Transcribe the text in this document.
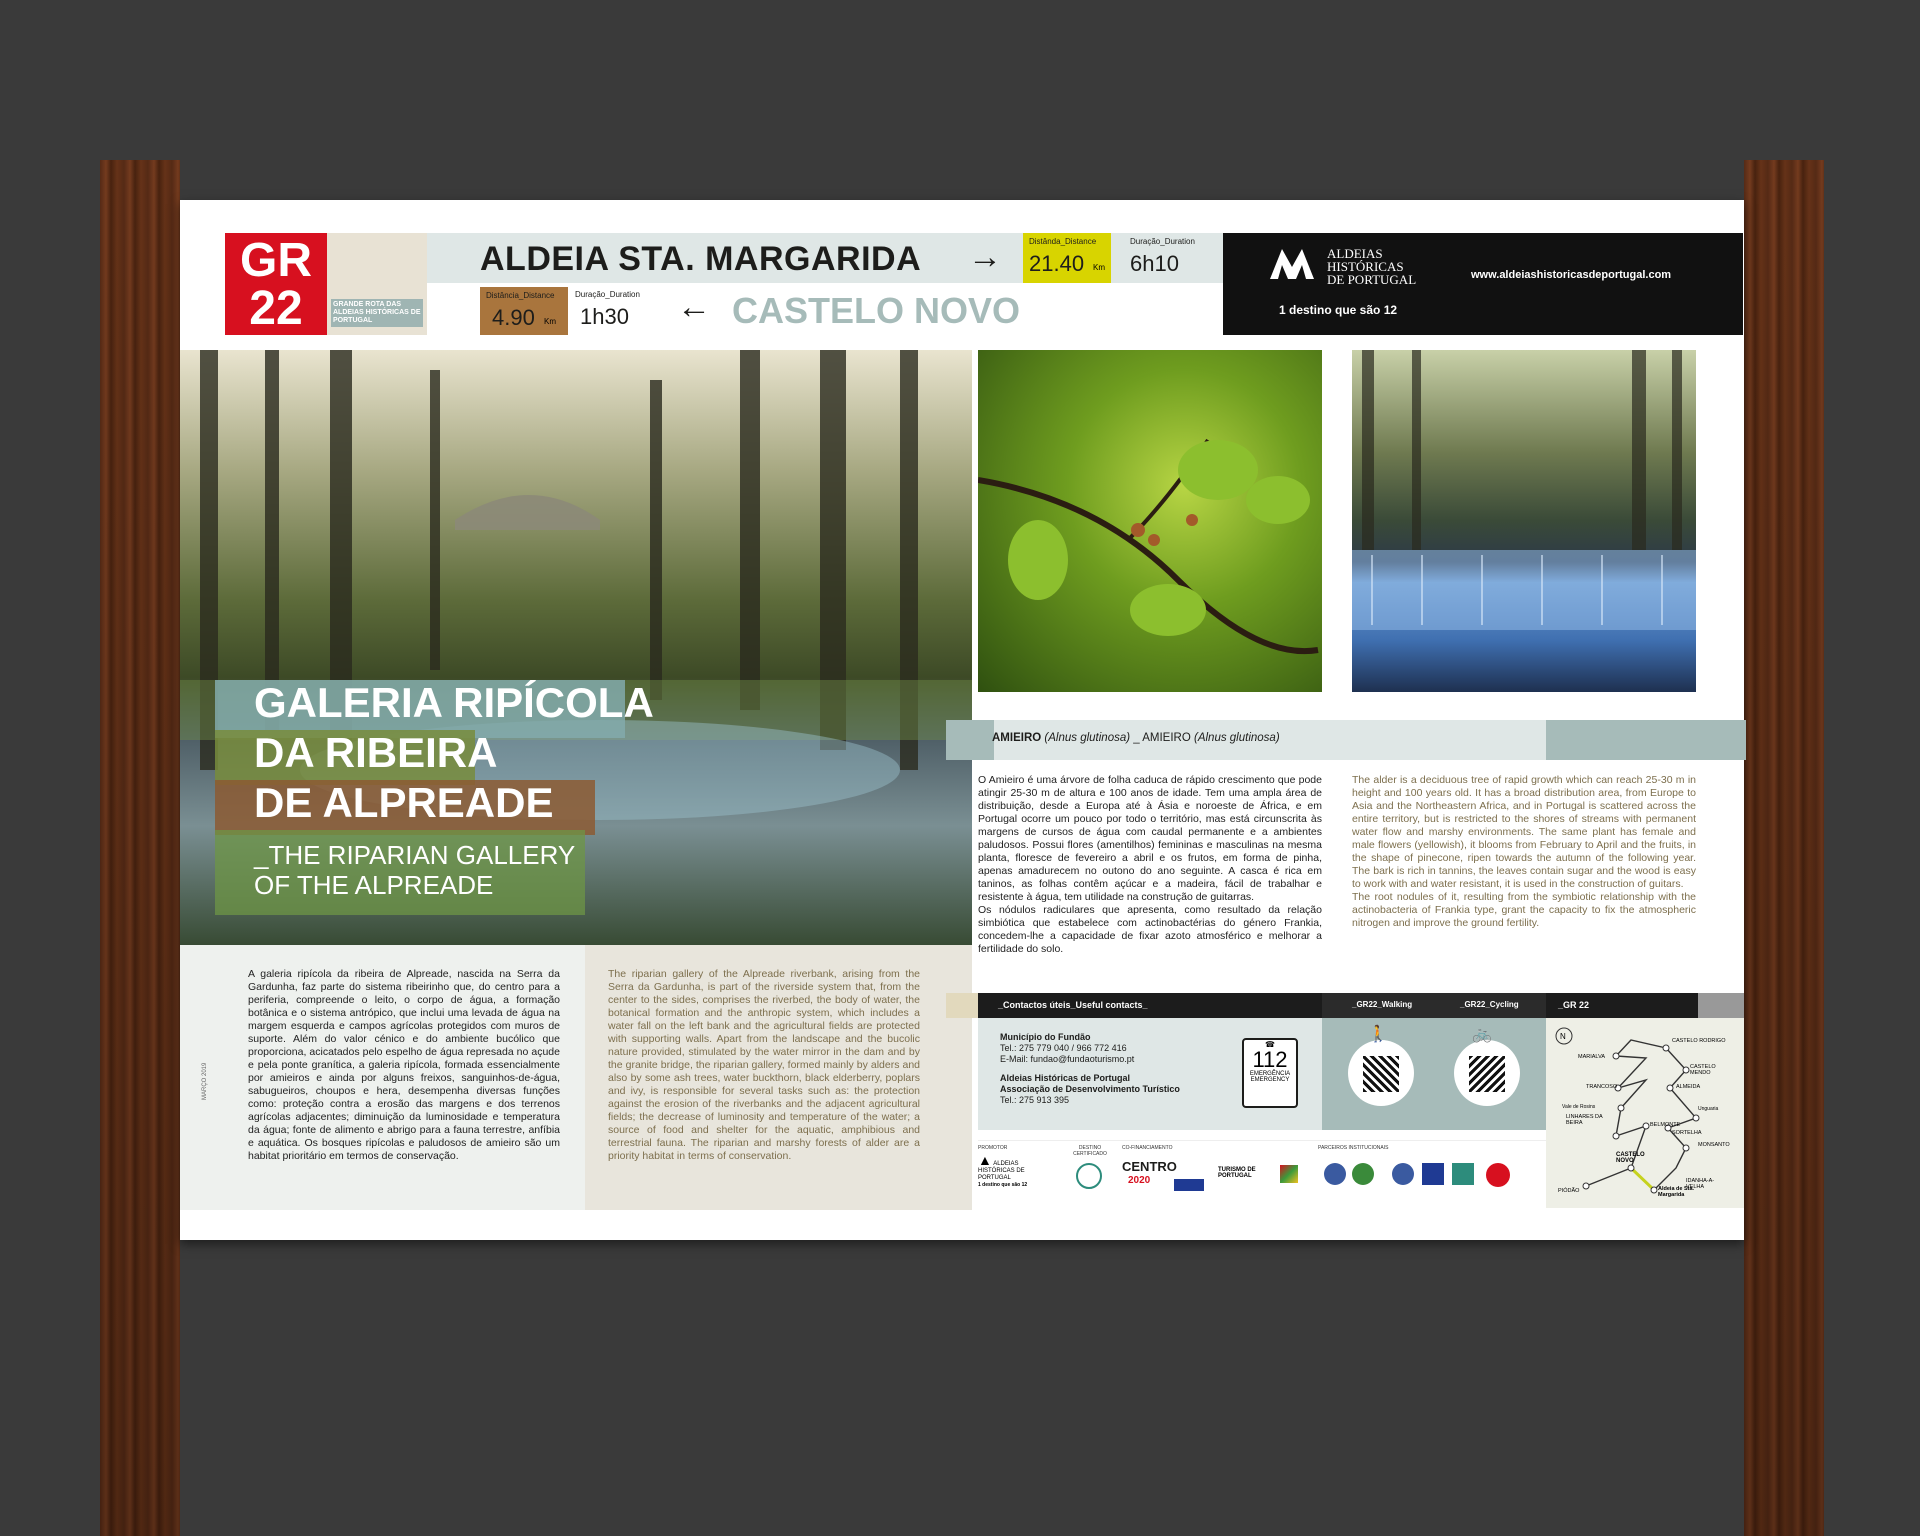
GR
22	GRANDE ROTA DAS ALDEIAS HISTÓRICAS DE PORTUGAL
ALDEIA STA. MARGARIDA →	Distânda_Distance
21.40 Km
Duração_Duration
6h10
Distância_Distance
4.90 Km
Duração_Duration
1h30 ← CASTELO NOVO
ALDEIAS
HISTÓRICAS
DE PORTUGAL
1 destino que são 12
www.aldeiashistoricasdeportugal.com
GALERIA RIPÍCOLA
DA RIBEIRA
DE ALPREADE
_THE RIPARIAN GALLERY
OF THE ALPREADE
MARÇO 2019
A galeria ripícola da ribeira de Alpreade, nascida na Serra da Gardunha, faz parte do sistema ribeirinho que, do centro para a periferia, compreende o leito, o corpo de água, a formação botânica e o sistema antrópico, que inclui uma levada de água na margem esquerda e campos agrícolas protegidos com muros de suporte. Além do valor cénico e do ambiente bucólico que proporciona, acicatados pelo espelho de água represada no açude e pela ponte granítica, a galeria ripícola, formada essencialmente por amieiros e ainda por alguns freixos, sanguinhos-de-água, sabugueiros, choupos e hera, desempenha diversas funções como: proteção contra a erosão das margens e dos terrenos agrícolas adjacentes; diminuição da luminosidade e temperatura da água; fonte de alimento e abrigo para a fauna terrestre, anfíbia e aquática. Os bosques ripícolas e paludosos de amieiro são um habitat prioritário em termos de conservação.
The riparian gallery of the Alpreade riverbank, arising from the Serra da Gardunha, is part of the riverside system that, from the center to the sides, comprises the riverbed, the body of water, the botanical formation and the anthropic system, which includes a water fall on the left bank and the agricultural fields are protected with supporting walls. Apart from the landscape and the bucolic nature provided, stimulated by the water mirror in the dam and by the granite bridge, the riparian gallery, formed mainly by alders and also by some ash trees, water buckthorn, black elderberry, poplars and ivy, is responsible for several tasks such as: the protection against the erosion of the riverbanks and the adjacent agricultural fields; the decrease of luminosity and temperature of the water; a source of food and shelter for the aquatic, amphibious and terrestrial fauna. The riparian and marshy forests of alder are a priority habitat in terms of conservation.
AMIEIRO (Alnus glutinosa) _ AMIEIRO (Alnus glutinosa)
O Amieiro é uma árvore de folha caduca de rápido crescimento que pode atingir 25-30 m de altura e 100 anos de idade. Tem uma ampla área de distribuição, desde a Europa até à Ásia e noroeste de África, e em Portugal ocorre um pouco por todo o território, mas está circunscrita às margens de cursos de água com caudal permanente e a ambientes paludosos. Possui flores (amentilhos) femininas e masculinas na mesma planta, floresce de fevereiro a abril e os frutos, em forma de pinha, apenas amadurecem no outono do ano seguinte. A casca é rica em taninos, as folhas contêm açúcar e a madeira, fácil de trabalhar e resistente à água, tem utilidade na construção de guitarras.
Os nódulos radiculares que apresenta, como resultado da relação simbiótica que estabelece com actinobactérias do género Frankia, concedem-lhe a capacidade de fixar azoto atmosférico e melhorar a fertilidade do solo.
The alder is a deciduous tree of rapid growth which can reach 25-30 m in height and 100 years old. It has a broad distribution area, from Europe to Asia and the Northeastern Africa, and in Portugal is scattered across the entire territory, but is restricted to the shores of streams with permanent water flow and marshy environments. The same plant has female and male flowers (yellowish), it blooms from February to April and the fruits, in the shape of pinecone, ripen towards the autumn of the following year. The bark is rich in tannins, the leaves contain sugar and the wood is easy to work with and water resistant, it is used in the construction of guitars.
The root nodules of it, resulting from the symbiotic relationship with the actinobacteria of Frankia type, grant the capacity to fix the atmospheric nitrogen and improve the ground fertility.
_Contactos úteis_Useful contacts_	_GR22_Walking	_GR22_Cycling	_GR 22
Município do Fundão
Tel.: 275 779 040 / 966 772 416
E-Mail: fundao@fundaoturismo.pt
Aldeias Históricas de Portugal
Associação de Desenvolvimento Turístico
Tel.: 275 913 395
☎
112
EMERGÊNCIA
EMERGENCY
🚶	🚲	N	CASTELO RODRIGO
MARIALVA
ALMEIDA
TRANCOSO
CASTELO MENDO
LINHARES DA BEIRA	BELMONTE
SORTELHA
CASTELO NOVO
Aldeia de Sta. Margarida
MONSANTO
IDANHA-A-VELHA
PIÓDÃO
Vale de Rosins	Unguaria
PROMOTOR
▲ ALDEIAS HISTÓRICAS DE PORTUGAL
1 destino que são 12
DESTINO CERTIFICADO
CO-FINANCIAMENTO
CENTRO
2020
TURISMO DE PORTUGAL
PARCEIROS INSTITUCIONAIS
